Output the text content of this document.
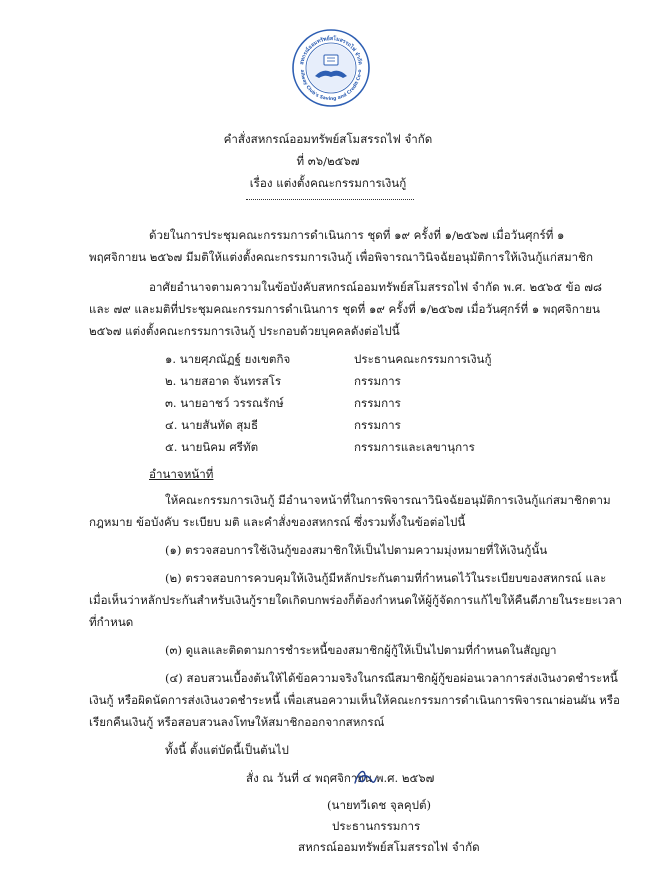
สหกรณ์ออมทรัพย์สโมสรรถไฟ จำกัด
ailway Club's Saving and Credit Co-o
คำสั่งสหกรณ์ออมทรัพย์สโมสรรถไฟ จำกัด
ที่ ๓๖/๒๕๖๗
เรื่อง แต่งตั้งคณะกรรมการเงินกู้
ด้วยในการประชุมคณะกรรมการดำเนินการ ชุดที่ ๑๙ ครั้งที่ ๑/๒๕๖๗ เมื่อวันศุกร์ที่ ๑
พฤศจิกายน ๒๕๖๗ มีมติให้แต่งตั้งคณะกรรมการเงินกู้ เพื่อพิจารณาวินิจฉัยอนุมัติการให้เงินกู้แก่สมาชิก
อาศัยอำนาจตามความในข้อบังคับสหกรณ์ออมทรัพย์สโมสรรถไฟ จำกัด พ.ศ. ๒๕๖๕ ข้อ ๗๘
และ ๗๙ และมติที่ประชุมคณะกรรมการดำเนินการ ชุดที่ ๑๙ ครั้งที่ ๑/๒๕๖๗ เมื่อวันศุกร์ที่ ๑ พฤศจิกายน
๒๕๖๗ แต่งตั้งคณะกรรมการเงินกู้ ประกอบด้วยบุคคลดังต่อไปนี้
๑. นายศุภณัฏฐ์ ยงเขตกิจ	ประธานคณะกรรมการเงินกู้
๒. นายสอาด จันทรสโร	กรรมการ
๓. นายอาชว์ วรรณรักษ์	กรรมการ
๔. นายสันทัด สุมธี	กรรมการ
๕. นายนิคม ศรีทัต	กรรมการและเลขานุการ
อำนาจหน้าที่
ให้คณะกรรมการเงินกู้ มีอำนาจหน้าที่ในการพิจารณาวินิจฉัยอนุมัติการเงินกู้แก่สมาชิกตาม
กฎหมาย ข้อบังคับ ระเบียบ มติ และคำสั่งของสหกรณ์ ซึ่งรวมทั้งในข้อต่อไปนี้
(๑) ตรวจสอบการใช้เงินกู้ของสมาชิกให้เป็นไปตามความมุ่งหมายที่ให้เงินกู้นั้น
(๒) ตรวจสอบการควบคุมให้เงินกู้มีหลักประกันตามที่กำหนดไว้ในระเบียบของสหกรณ์ และ
เมื่อเห็นว่าหลักประกันสำหรับเงินกู้รายใดเกิดบกพร่องก็ต้องกำหนดให้ผู้กู้จัดการแก้ไขให้คืนดีภายในระยะเวลา
ที่กำหนด
(๓) ดูแลและติดตามการชำระหนี้ของสมาชิกผู้กู้ให้เป็นไปตามที่กำหนดในสัญญา
(๔) สอบสวนเบื้องต้นให้ได้ข้อความจริงในกรณีสมาชิกผู้กู้ขอผ่อนเวลาการส่งเงินงวดชำระหนี้
เงินกู้ หรือผิดนัดการส่งเงินงวดชำระหนี้ เพื่อเสนอความเห็นให้คณะกรรมการดำเนินการพิจารณาผ่อนผัน หรือ
เรียกคืนเงินกู้ หรือสอบสวนลงโทษให้สมาชิกออกจากสหกรณ์
ทั้งนี้ ตั้งแต่บัดนี้เป็นต้นไป
สั่ง ณ วันที่ ๔ พฤศจิกายน พ.ศ. ๒๕๖๗
(นายทวีเดช จุลคุปต์)
ประธานกรรมการ
สหกรณ์ออมทรัพย์สโมสรรถไฟ จำกัด
